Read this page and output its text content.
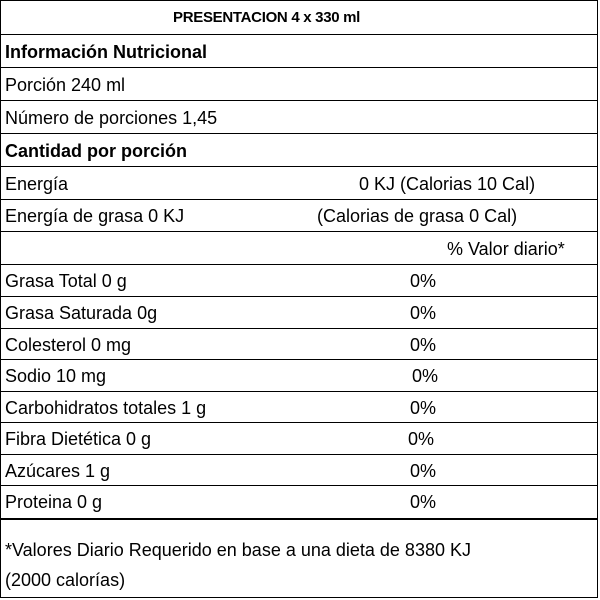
PRESENTACION 4 x 330 ml
Información Nutricional
Porción 240 ml
Número de porciones 1,45
Cantidad por porción
Energía	0 KJ (Calorias 10 Cal)
Energía de grasa 0 KJ	(Calorias de grasa 0 Cal)
% Valor diario*
Grasa Total 0 g	0%
Grasa Saturada 0g	0%
Colesterol 0 mg	0%
Sodio 10 mg	0%
Carbohidratos totales 1 g	0%
Fibra Dietética 0 g	0%
Azúcares 1 g	0%
Proteina 0 g	0%
*Valores Diario Requerido en base a una dieta de 8380 KJ
(2000 calorías)
